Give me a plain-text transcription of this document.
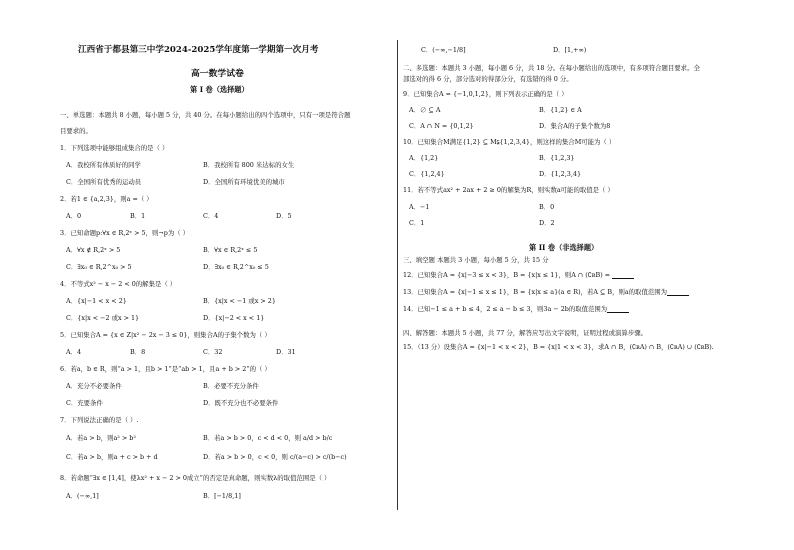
江西省于都县第三中学2024-2025学年度第一学期第一次月考
高一数学试卷
第 I 卷（选择题）
一、单选题：本题共 8 小题，每小题 5 分，共 40 分。在每小题给出的四个选项中，只有一项是符合题
目要求的。
1．下列选项中能够组成集合的是（ ）
A．我校所有体质好的同学	B．我校所有 800 米达标的女生
C．全国所有优秀的运动员	D．全国所有环境优美的城市
2．若1 ∈ {a,2,3}，则a =（ ）
A．0	B．1	C．4	D．5
3．已知命题p:∀x ∈ R,2ˣ > 5，则¬p为（ ）
A．∀x ∉ R,2ˣ > 5	B．∀x ∈ R,2ˣ ≤ 5
C．∃x₀ ∈ R,2^x₀ > 5	D．∃x₀ ∈ R,2^x₀ ≤ 5
4．不等式x² − x − 2 < 0的解集是（ ）
A．{x|−1 < x < 2}	B．{x|x < −1 或x > 2}
C．{x|x < −2 或x > 1}	D．{x|−2 < x < 1}
5．已知集合A = {x ∈ Z|x² − 2x − 3 ≤ 0}，则集合A的子集个数为（ ）
A．4	B．8	C．32	D．31
6．若a，b ∈ R，则“a > 1，且b > 1”是“ab > 1，且a + b > 2”的（ ）
A．充分不必要条件	B．必要不充分条件
C．充要条件	D．既不充分也不必要条件
7．下列说法正确的是（ ）.
A．若a > b，则a² > b²	B．若a > b > 0，c < d < 0，则 a/d > b/c
C．若a > b，则a + c > b + d	D．若a > b > 0，c < 0，则 c/(a−c) > c/(b−c)
8．若命题“∃x ∈ [1,4]，使λx² + x − 2 > 0成立”的否定是真命题，则实数λ的取值范围是（ ）
A．(−∞,1]	B．[−1/8,1]
C．(−∞,−1/8]	D．[1,+∞)
二、多选题：本题共 3 小题，每小题 6 分，共 18 分。在每小题给出的选项中，有多项符合题目要求。全
部选对的得 6 分，部分选对的得部分分，有选错的得 0 分。
9．已知集合A = {−1,0,1,2}，则下列表示正确的是（ ）
A．∅ ⊆ A	B．{1,2} ∈ A
C．A ∩ N = {0,1,2}	D．集合A的子集个数为8
10．已知集合M满足{1,2} ⊆ M⫋{1,2,3,4}，则这样的集合M可能为（ ）
A．{1,2}	B．{1,2,3}
C．{1,2,4}	D．{1,2,3,4}
11．若不等式ax² + 2ax + 2 ≥ 0的解集为R，则实数a可能的取值是（ ）
A．−1	B．0
C．1	D．2
第 II 卷（非选择题）
三、填空题 本题共 3 小题，每小题 5 分，共 15 分
12．已知集合A = {x|−3 ≤ x < 3}，B = {x|x ≤ 1}，则A ∩ (∁ʀB) =
13．已知集合A = {x|−1 ≤ x ≤ 1}，B = {x|x ≤ a}(a ∈ R)，若A ⊆ B，则a的取值范围为
14．已知−1 ≤ a + b ≤ 4，2 ≤ a − b ≤ 3，则3a − 2b的取值范围为
四、解答题：本题共 5 小题，共 77 分，解答应写出文字说明，证明过程或演算步骤。
15．（13 分）设集合A = {x|−1 < x < 2}，B = {x|1 < x < 3}，求A ∩ B，(∁ʀA) ∩ B，(∁ʀA) ∪ (∁ʀB).
